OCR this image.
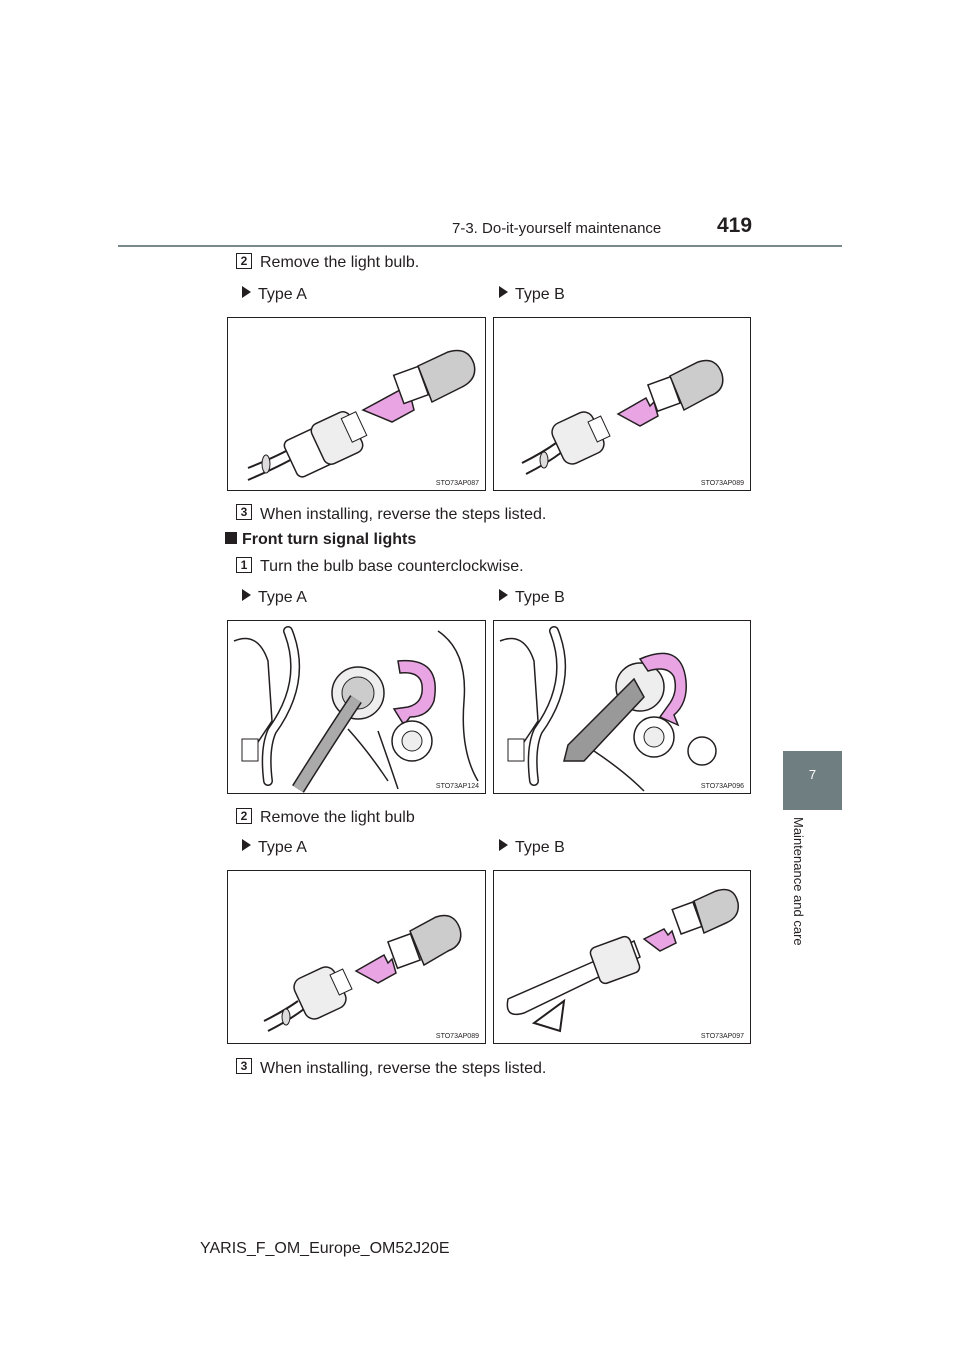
7-3. Do-it-yourself maintenance	419
7
Maintenance and care
2 Remove the light bulb.
Type A	Type B
STO73AP087	STO73AP089
3 When installing, reverse the steps listed.
Front turn signal lights
1 Turn the bulb base counterclockwise.
Type A	Type B
STO73AP124	STO73AP096
2 Remove the light bulb
Type A	Type B
STO73AP089	STO73AP097
3 When installing, reverse the steps listed.
YARIS_F_OM_Europe_OM52J20E
